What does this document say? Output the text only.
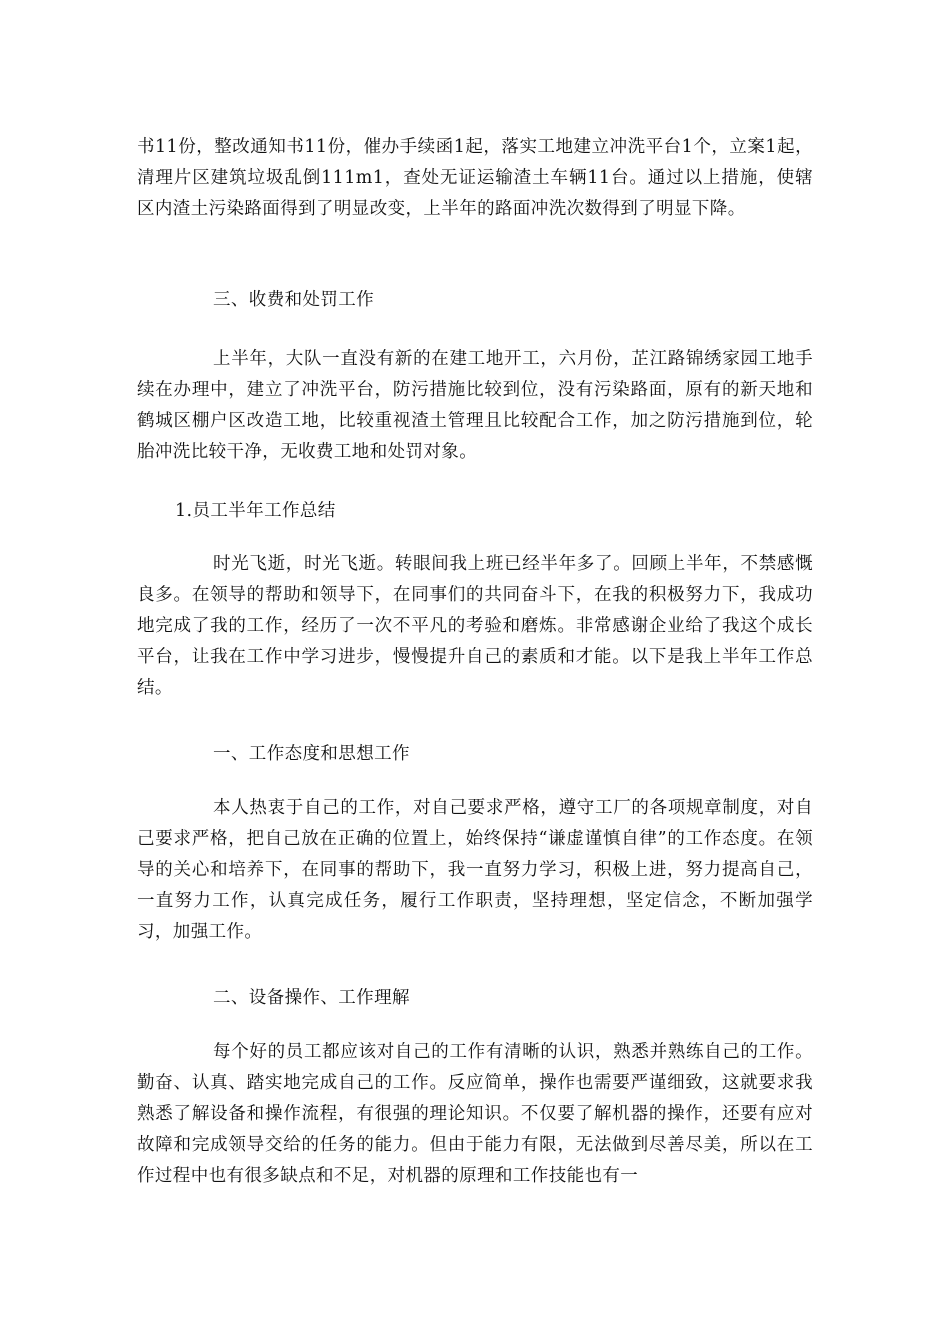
书11份，整改通知书11份，催办手续函1起，落实工地建立冲洗平台1个，立案1起，清理片区建筑垃圾乱倒111m1，查处无证运输渣土车辆11台。通过以上措施，使辖区内渣土污染路面得到了明显改变，上半年的路面冲洗次数得到了明显下降。
三、收费和处罚工作
上半年，大队一直没有新的在建工地开工，六月份，芷江路锦绣家园工地手续在办理中，建立了冲洗平台，防污措施比较到位，没有污染路面，原有的新天地和鹤城区棚户区改造工地，比较重视渣土管理且比较配合工作，加之防污措施到位，轮胎冲洗比较干净，无收费工地和处罚对象。
1.员工半年工作总结
时光飞逝，时光飞逝。转眼间我上班已经半年多了。回顾上半年，不禁感慨良多。在领导的帮助和领导下，在同事们的共同奋斗下，在我的积极努力下，我成功地完成了我的工作，经历了一次不平凡的考验和磨炼。非常感谢企业给了我这个成长平台，让我在工作中学习进步，慢慢提升自己的素质和才能。以下是我上半年工作总结。
一、工作态度和思想工作
本人热衷于自己的工作，对自己要求严格，遵守工厂的各项规章制度，对自己要求严格，把自己放在正确的位置上，始终保持“谦虚谨慎自律”的工作态度。在领导的关心和培养下，在同事的帮助下，我一直努力学习，积极上进，努力提高自己，一直努力工作，认真完成任务，履行工作职责，坚持理想，坚定信念，不断加强学习，加强工作。
二、设备操作、工作理解
每个好的员工都应该对自己的工作有清晰的认识，熟悉并熟练自己的工作。勤奋、认真、踏实地完成自己的工作。反应简单，操作也需要严谨细致，这就要求我熟悉了解设备和操作流程，有很强的理论知识。不仅要了解机器的操作，还要有应对故障和完成领导交给的任务的能力。但由于能力有限，无法做到尽善尽美，所以在工作过程中也有很多缺点和不足，对机器的原理和工作技能也有一
